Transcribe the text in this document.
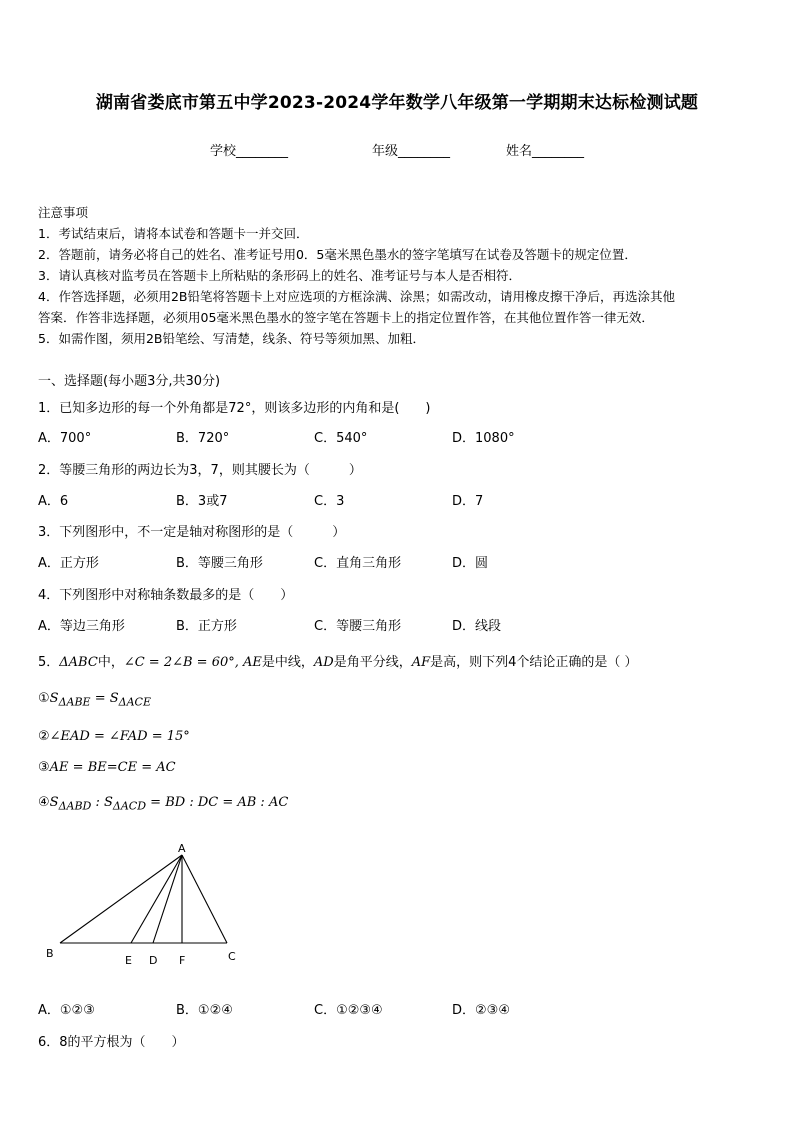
湖南省娄底市第五中学2023-2024学年数学八年级第一学期期末达标检测试题
学校________	年级________	姓名________
注意事项
1．考试结束后，请将本试卷和答题卡一并交回．
2．答题前，请务必将自己的姓名、准考证号用0．5毫米黑色墨水的签字笔填写在试卷及答题卡的规定位置．
3．请认真核对监考员在答题卡上所粘贴的条形码上的姓名、准考证号与本人是否相符．
4．作答选择题，必须用2B铅笔将答题卡上对应选项的方框涂满、涂黑；如需改动，请用橡皮擦干净后，再选涂其他
答案．作答非选择题，必须用05毫米黑色墨水的签字笔在答题卡上的指定位置作答，在其他位置作答一律无效．
5．如需作图，须用2B铅笔绘、写清楚，线条、符号等须加黑、加粗．
一、选择题(每小题3分,共30分)
1．已知多边形的每一个外角都是72°，则该多边形的内角和是(　　)
A．700°	B．720°	C．540°	D．1080°
2．等腰三角形的两边长为3，7，则其腰长为（　　　）
A．6	B．3或7	C．3	D．7
3．下列图形中，不一定是轴对称图形的是（　　　）
A．正方形	B．等腰三角形	C．直角三角形	D．圆
4．下列图形中对称轴条数最多的是（　　）
A．等边三角形	B．正方形	C．等腰三角形	D．线段
5．ΔABC中，∠C = 2∠B = 60°, AE是中线，AD是角平分线，AF是高，则下列4个结论正确的是（ ）
$①S_{\Delta ABE} = S_{\Delta ACE}$
②∠EAD = ∠FAD = 15°
③AE = BE=CE = AC
$④S_{\Delta ABD}$ : $S_{\Delta ACD}$ = BD : DC = AB : AC
A
B	C
D
E	F
A．①②③	B．①②④	C．①②③④	D．②③④
6．8的平方根为（　　）
